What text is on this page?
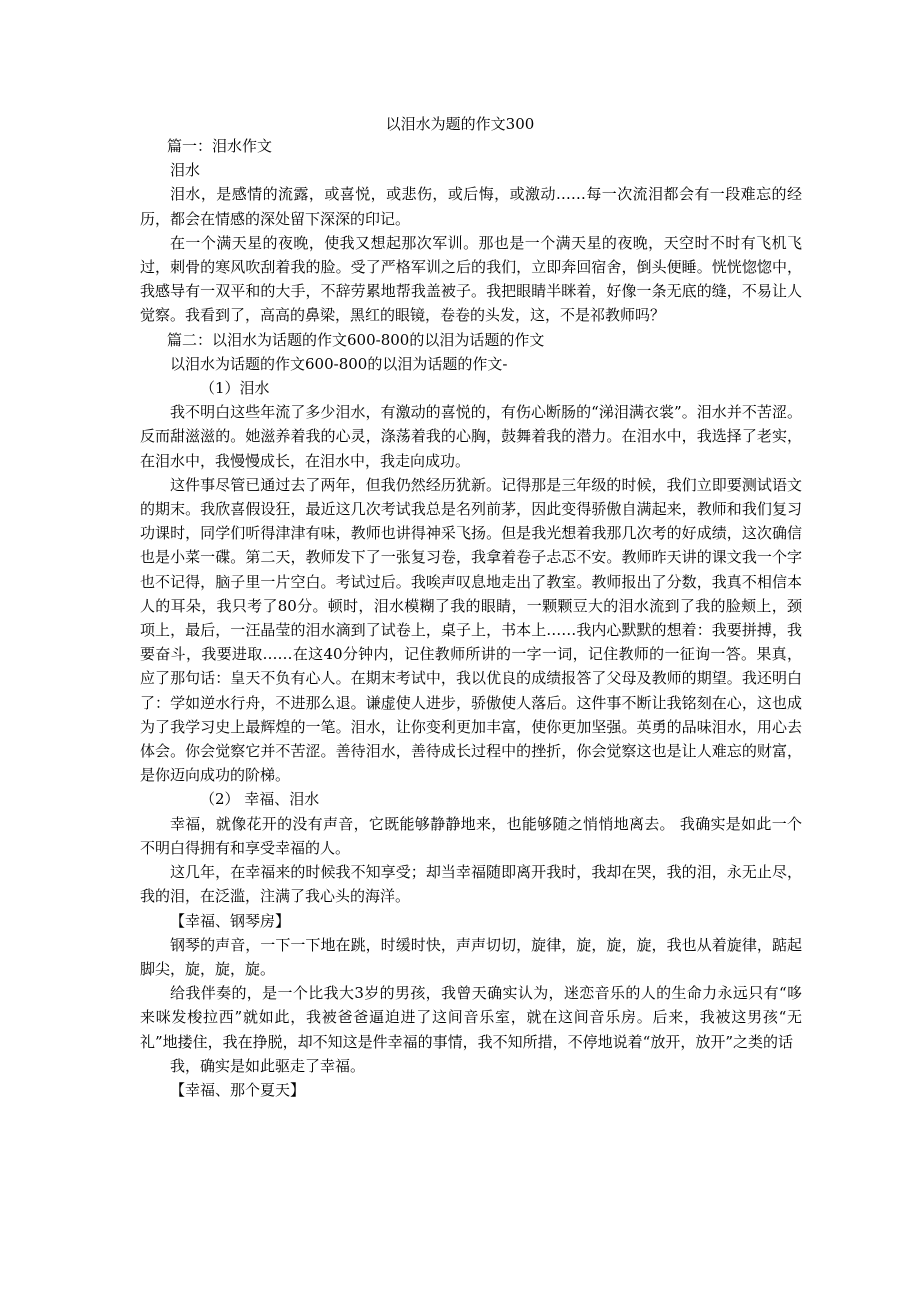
以泪水为题的作文300

篇一：泪水作文

泪水

泪水，是感情的流露，或喜悦，或悲伤，或后悔，或激动……每一次流泪都会有一段难忘的经历，都会在情感的深处留下深深的印记。

在一个满天星的夜晚，使我又想起那次军训。那也是一个满天星的夜晚，天空时不时有飞机飞过，刺骨的寒风吹刮着我的脸。受了严格军训之后的我们，立即奔回宿舍，倒头便睡。恍恍惚惚中，我感导有一双平和的大手，不辞劳累地帮我盖被子。我把眼睛半眯着，好像一条无底的缝，不易让人觉察。我看到了，高高的鼻梁，黑红的眼镜，卷卷的头发，这，不是祁教师吗？

篇二：以泪水为话题的作文600-800的以泪为话题的作文

以泪水为话题的作文600-800的以泪为话题的作文-

（1）泪水

我不明白这些年流了多少泪水，有激动的喜悦的，有伤心断肠的“涕泪满衣裳”。泪水并不苦涩。反而甜滋滋的。她滋养着我的心灵，涤荡着我的心胸，鼓舞着我的潜力。在泪水中，我选择了老实，在泪水中，我慢慢成长，在泪水中，我走向成功。

这件事尽管已通过去了两年，但我仍然经历犹新。记得那是三年级的时候，我们立即要测试语文的期末。我欣喜假设狂，最近这几次考试我总是名列前茅，因此变得骄傲自满起来，教师和我们复习功课时，同学们听得津津有味，教师也讲得神采飞扬。但是我光想着我那几次考的好成绩，这次确信也是小菜一碟。第二天，教师发下了一张复习卷，我拿着卷子忐忑不安。教师昨天讲的课文我一个字也不记得，脑子里一片空白。考试过后。我唉声叹息地走出了教室。教师报出了分数，我真不相信本人的耳朵，我只考了80分。顿时，泪水模糊了我的眼睛，一颗颗豆大的泪水流到了我的脸颊上，颈项上，最后，一汪晶莹的泪水滴到了试卷上，桌子上，书本上……我内心默默的想着：我要拼搏，我要奋斗，我要进取……在这40分钟内，记住教师所讲的一字一词，记住教师的一征询一答。果真，应了那句话：皇天不负有心人。在期末考试中，我以优良的成绩报答了父母及教师的期望。我还明白了：学如逆水行舟，不进那么退。谦虚使人进步，骄傲使人落后。这件事不断让我铭刻在心，这也成为了我学习史上最辉煌的一笔。泪水，让你变利更加丰富，使你更加坚强。英勇的品味泪水，用心去体会。你会觉察它并不苦涩。善待泪水，善待成长过程中的挫折，你会觉察这也是让人难忘的财富，是你迈向成功的阶梯。

（2） 幸福、泪水

幸福，就像花开的没有声音，它既能够静静地来，也能够随之悄悄地离去。 我确实是如此一个不明白得拥有和享受幸福的人。

这几年，在幸福来的时候我不知享受；却当幸福随即离开我时，我却在哭，我的泪，永无止尽，我的泪，在泛滥，注满了我心头的海洋。

【幸福、钢琴房】

钢琴的声音，一下一下地在跳，时缓时快，声声切切，旋律，旋，旋，旋，我也从着旋律，踮起脚尖，旋，旋，旋。

给我伴奏的，是一个比我大3岁的男孩，我曾天确实认为，迷恋音乐的人的生命力永远只有“哆来咪发梭拉西”就如此，我被爸爸逼迫进了这间音乐室，就在这间音乐房。后来，我被这男孩“无礼”地搂住，我在挣脱，却不知这是件幸福的事情，我不知所措，不停地说着“放开，放开”之类的话

我，确实是如此驱走了幸福。

【幸福、那个夏天】
